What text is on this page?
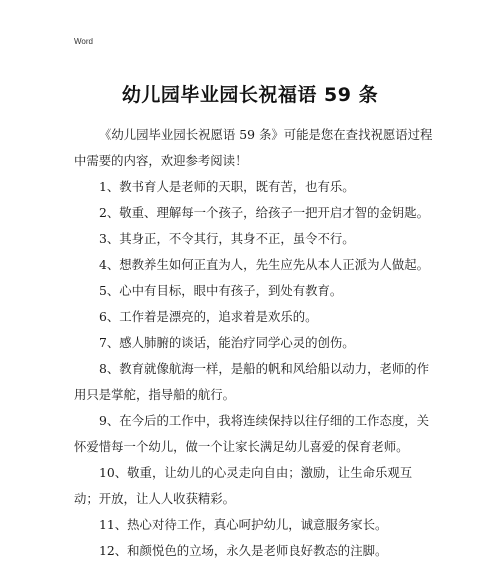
Word
幼儿园毕业园长祝福语 59 条

《幼儿园毕业园长祝愿语 59 条》可能是您在查找祝愿语过程中需要的内容，欢迎参考阅读！

1、教书育人是老师的天职，既有苦，也有乐。

2、敬重、理解每一个孩子，给孩子一把开启才智的金钥匙。

3、其身正，不令其行，其身不正，虽令不行。

4、想教养生如何正直为人，先生应先从本人正派为人做起。

5、心中有目标，眼中有孩子，到处有教育。

6、工作着是漂亮的，追求着是欢乐的。

7、感人肺腑的谈话，能治疗同学心灵的创伤。

8、教育就像航海一样，是船的帆和风给船以动力，老师的作用只是掌舵，指导船的航行。

9、在今后的工作中，我将连续保持以往仔细的工作态度，关怀爱惜每一个幼儿，做一个让家长满足幼儿喜爱的保育老师。

10、敬重，让幼儿的心灵走向自由；激励，让生命乐观互动；开放，让人人收获精彩。

11、热心对待工作，真心呵护幼儿，诚意服务家长。

12、和颜悦色的立场，永久是老师良好教态的注脚。
